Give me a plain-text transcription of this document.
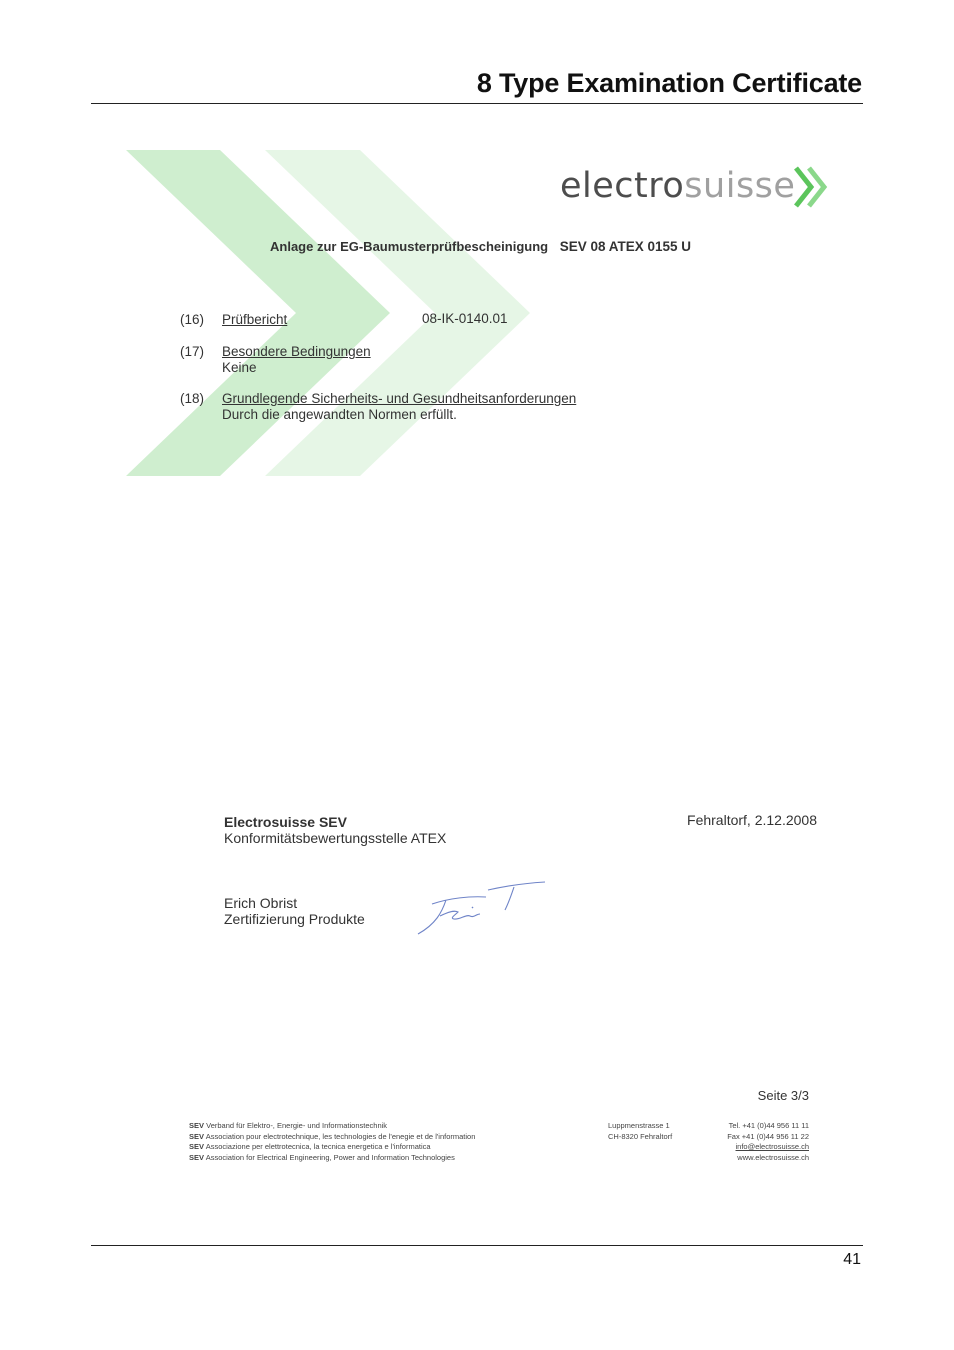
8 Type Examination Certificate
electrosuisse
Anlage zur EG-Baumusterprüfbescheinigung SEV 08 ATEX 0155 U
(16)	Prüfbericht	08-IK-0140.01
(17)	Besondere Bedingungen
Keine
(18)	Grundlegende Sicherheits- und Gesundheitsanforderungen
Durch die angewandten Normen erfüllt.
Electrosuisse SEV
Konformitätsbewertungsstelle ATEX
Fehraltorf, 2.12.2008
Erich Obrist
Zertifizierung Produkte
Seite 3/3
SEV Verband für Elektro-, Energie- und Informationstechnik
SEV Association pour electrotechnique, les technologies de l'enegie et de l'information
SEV Associazione per elettrotecnica, la tecnica energetica e l'informatica
SEV Association for Electrical Engineering, Power and Information Technologies
Luppmenstrasse 1
CH-8320 Fehraltorf
Tel. +41 (0)44 956 11 11
Fax +41 (0)44 956 11 22
info@electrosuisse.ch
www.electrosuisse.ch
41
